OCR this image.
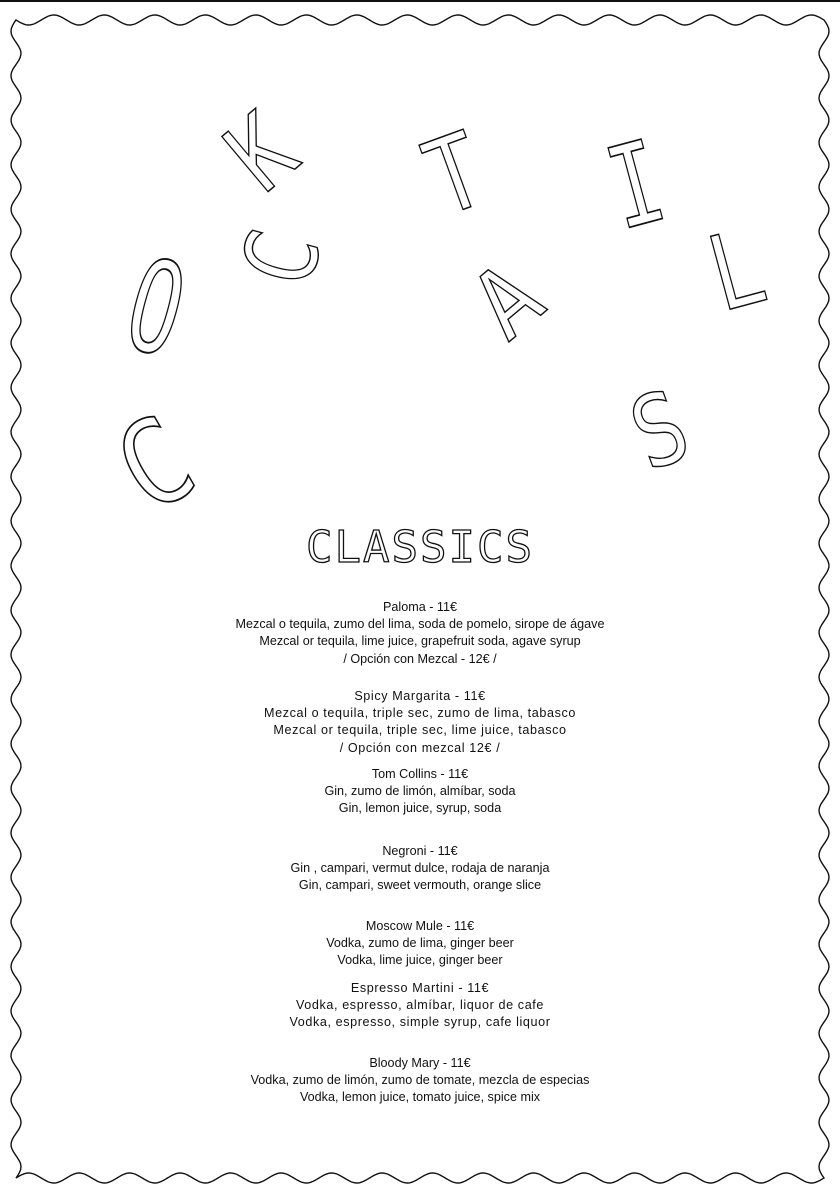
C
O C
K T
A
I
L
S
CLASSICS
Paloma - 11€
Mezcal o tequila, zumo del lima, soda de pomelo, sirope de ágave
Mezcal or tequila, lime juice, grapefruit soda, agave syrup
/ Opción con Mezcal - 12€ /
Spicy Margarita - 11€
Mezcal o tequila, triple sec, zumo de lima, tabasco
Mezcal or tequila, triple sec, lime juice, tabasco
/ Opción con mezcal 12€ /
Tom Collins - 11€
Gin, zumo de limón, almíbar, soda
Gin, lemon juice, syrup, soda
Negroni - 11€
Gin , campari, vermut dulce, rodaja de naranja
Gin, campari, sweet vermouth, orange slice
Moscow Mule - 11€
Vodka, zumo de lima, ginger beer
Vodka, lime juice, ginger beer
Espresso Martini - 11€
Vodka, espresso, almíbar, liquor de cafe
Vodka, espresso, simple syrup, cafe liquor
Bloody Mary - 11€
Vodka, zumo de limón, zumo de tomate, mezcla de especias
Vodka, lemon juice, tomato juice, spice mix
